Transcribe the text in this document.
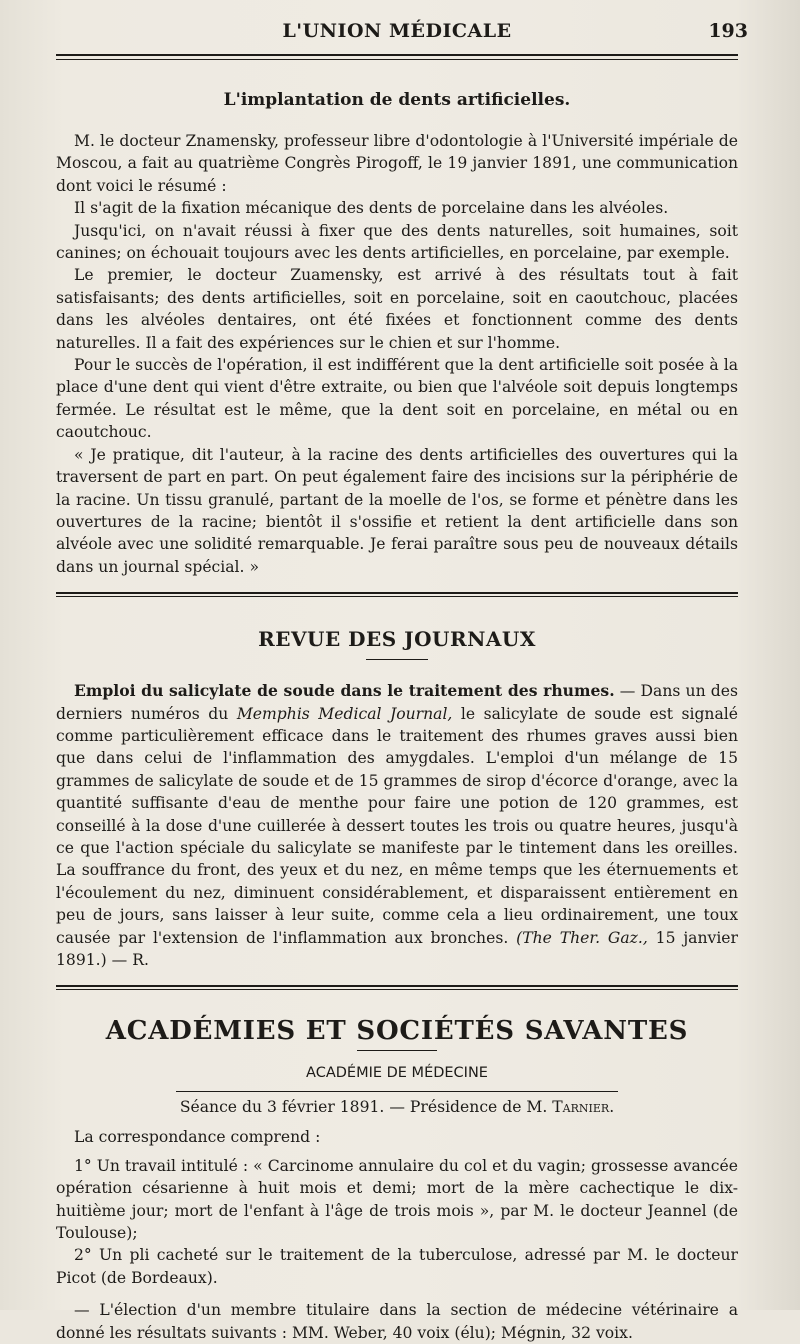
L'UNION MÉDICALE	193
L'implantation de dents artificielles.

M. le docteur Znamensky, professeur libre d'odontologie à l'Université impériale de Moscou, a fait au quatrième Congrès Pirogoff, le 19 janvier 1891, une communication dont voici le résumé :

Il s'agit de la fixation mécanique des dents de porcelaine dans les alvéoles.

Jusqu'ici, on n'avait réussi à fixer que des dents naturelles, soit humaines, soit canines; on échouait toujours avec les dents artificielles, en porcelaine, par exemple.

Le premier, le docteur Zuamensky, est arrivé à des résultats tout à fait satisfaisants; des dents artificielles, soit en porcelaine, soit en caoutchouc, placées dans les alvéoles dentaires, ont été fixées et fonctionnent comme des dents naturelles. Il a fait des expériences sur le chien et sur l'homme.

Pour le succès de l'opération, il est indifférent que la dent artificielle soit posée à la place d'une dent qui vient d'être extraite, ou bien que l'alvéole soit depuis longtemps fermée. Le résultat est le même, que la dent soit en porcelaine, en métal ou en caoutchouc.

« Je pratique, dit l'auteur, à la racine des dents artificielles des ouvertures qui la traversent de part en part. On peut également faire des incisions sur la périphérie de la racine. Un tissu granulé, partant de la moelle de l'os, se forme et pénètre dans les ouvertures de la racine; bientôt il s'ossifie et retient la dent artificielle dans son alvéole avec une solidité remarquable. Je ferai paraître sous peu de nouveaux détails dans un journal spécial. »

REVUE DES JOURNAUX

Emploi du salicylate de soude dans le traitement des rhumes. — Dans un des derniers numéros du Memphis Medical Journal, le salicylate de soude est signalé comme particulièrement efficace dans le traitement des rhumes graves aussi bien que dans celui de l'inflammation des amygdales. L'emploi d'un mélange de 15 grammes de salicylate de soude et de 15 grammes de sirop d'écorce d'orange, avec la quantité suffisante d'eau de menthe pour faire une potion de 120 grammes, est conseillé à la dose d'une cuillerée à dessert toutes les trois ou quatre heures, jusqu'à ce que l'action spéciale du salicylate se manifeste par le tintement dans les oreilles. La souffrance du front, des yeux et du nez, en même temps que les éternuements et l'écoulement du nez, diminuent considérablement, et disparaissent entièrement en peu de jours, sans laisser à leur suite, comme cela a lieu ordinairement, une toux causée par l'extension de l'inflammation aux bronches. (The Ther. Gaz., 15 janvier 1891.) — R.

ACADÉMIES ET SOCIÉTÉS SAVANTES
ACADÉMIE DE MÉDECINE
Séance du 3 février 1891. — Présidence de M. Tarnier.

La correspondance comprend :

1° Un travail intitulé : « Carcinome annulaire du col et du vagin; grossesse avancée opération césarienne à huit mois et demi; mort de la mère cachectique le dix-huitième jour; mort de l'enfant à l'âge de trois mois », par M. le docteur Jeannel (de Toulouse);

2° Un pli cacheté sur le traitement de la tuberculose, adressé par M. le docteur Picot (de Bordeaux).

— L'élection d'un membre titulaire dans la section de médecine vétérinaire a donné les résultats suivants : MM. Weber, 40 voix (élu); Mégnin, 32 voix.
